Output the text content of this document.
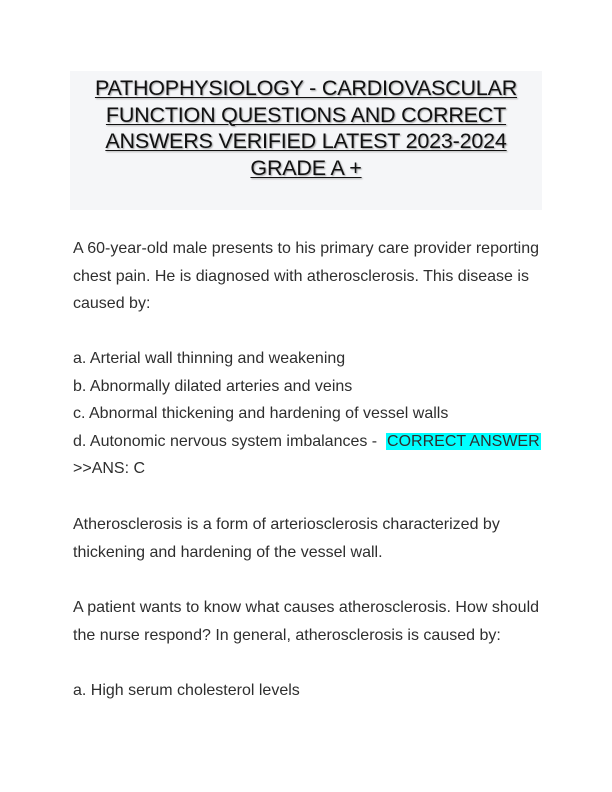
PATHOPHYSIOLOGY - CARDIOVASCULAR
FUNCTION QUESTIONS AND CORRECT
ANSWERS VERIFIED LATEST 2023-2024
GRADE A +
A 60-year-old male presents to his primary care provider reporting
chest pain. He is diagnosed with atherosclerosis. This disease is
caused by:
a. Arterial wall thinning and weakening
b. Abnormally dilated arteries and veins
c. Abnormal thickening and hardening of vessel walls
d. Autonomic nervous system imbalances -  CORRECT ANSWER
>>ANS: C
Atherosclerosis is a form of arteriosclerosis characterized by
thickening and hardening of the vessel wall.
A patient wants to know what causes atherosclerosis. How should
the nurse respond? In general, atherosclerosis is caused by:
a. High serum cholesterol levels
